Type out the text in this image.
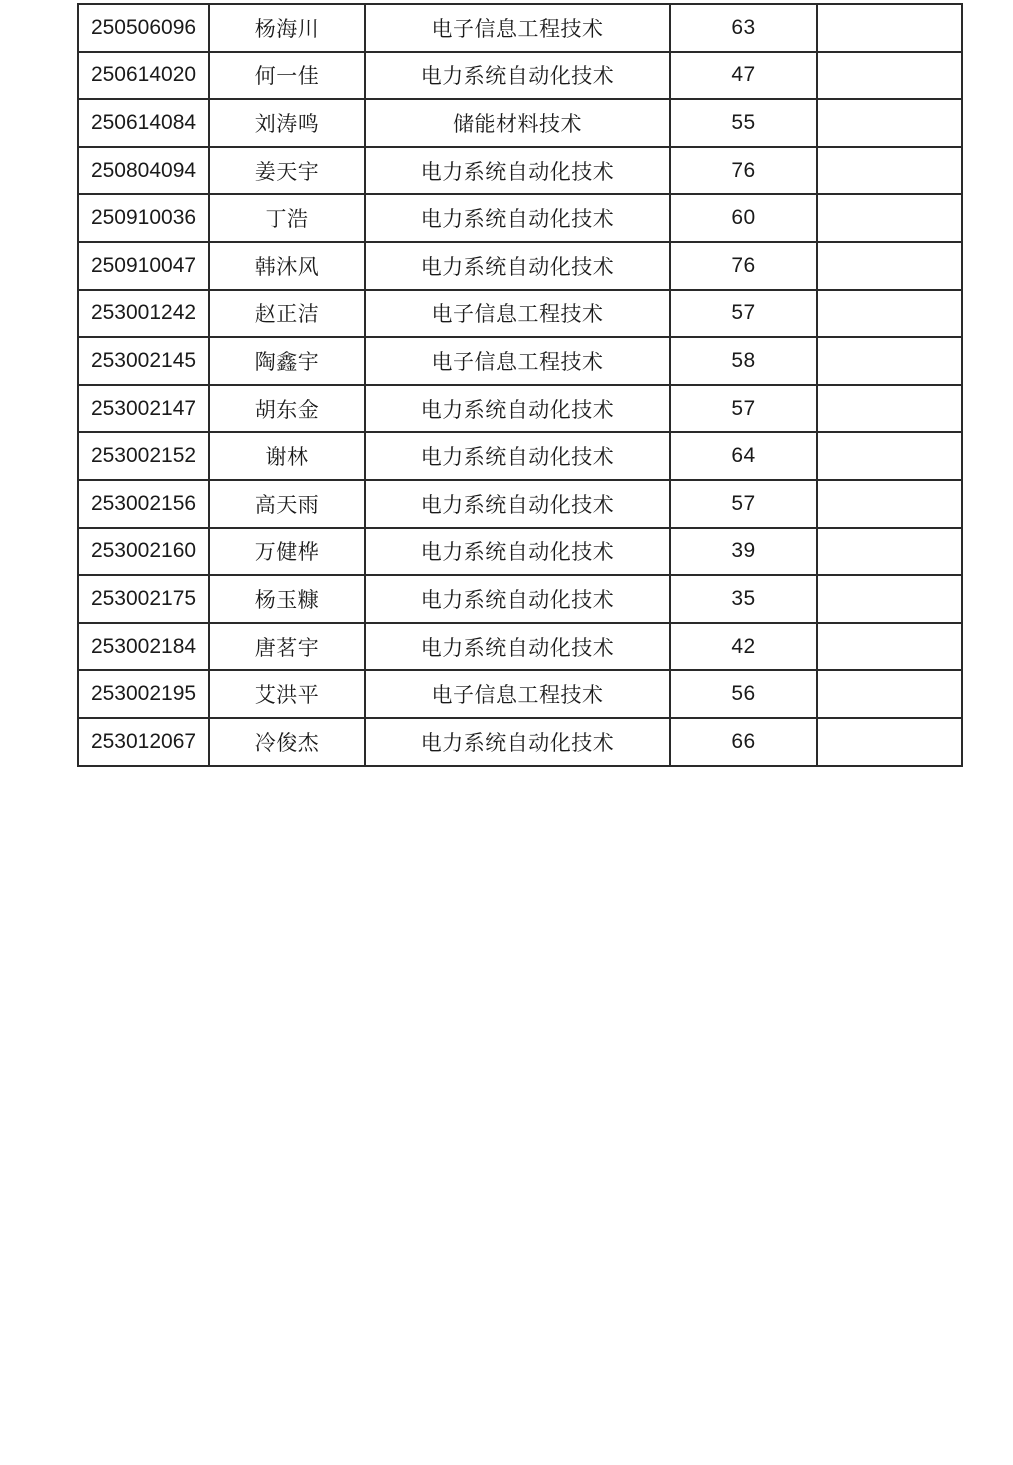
250506096	杨海川	电子信息工程技术	63	
250614020	何一佳	电力系统自动化技术	47	
250614084	刘涛鸣	储能材料技术	55	
250804094	姜天宇	电力系统自动化技术	76	
250910036	丁浩	电力系统自动化技术	60	
250910047	韩沐风	电力系统自动化技术	76	
253001242	赵正洁	电子信息工程技术	57	
253002145	陶鑫宇	电子信息工程技术	58	
253002147	胡东金	电力系统自动化技术	57	
253002152	谢林	电力系统自动化技术	64	
253002156	高天雨	电力系统自动化技术	57	
253002160	万健桦	电力系统自动化技术	39	
253002175	杨玉糠	电力系统自动化技术	35	
253002184	唐茗宇	电力系统自动化技术	42	
253002195	艾洪平	电子信息工程技术	56	
253012067	冷俊杰	电力系统自动化技术	66	
